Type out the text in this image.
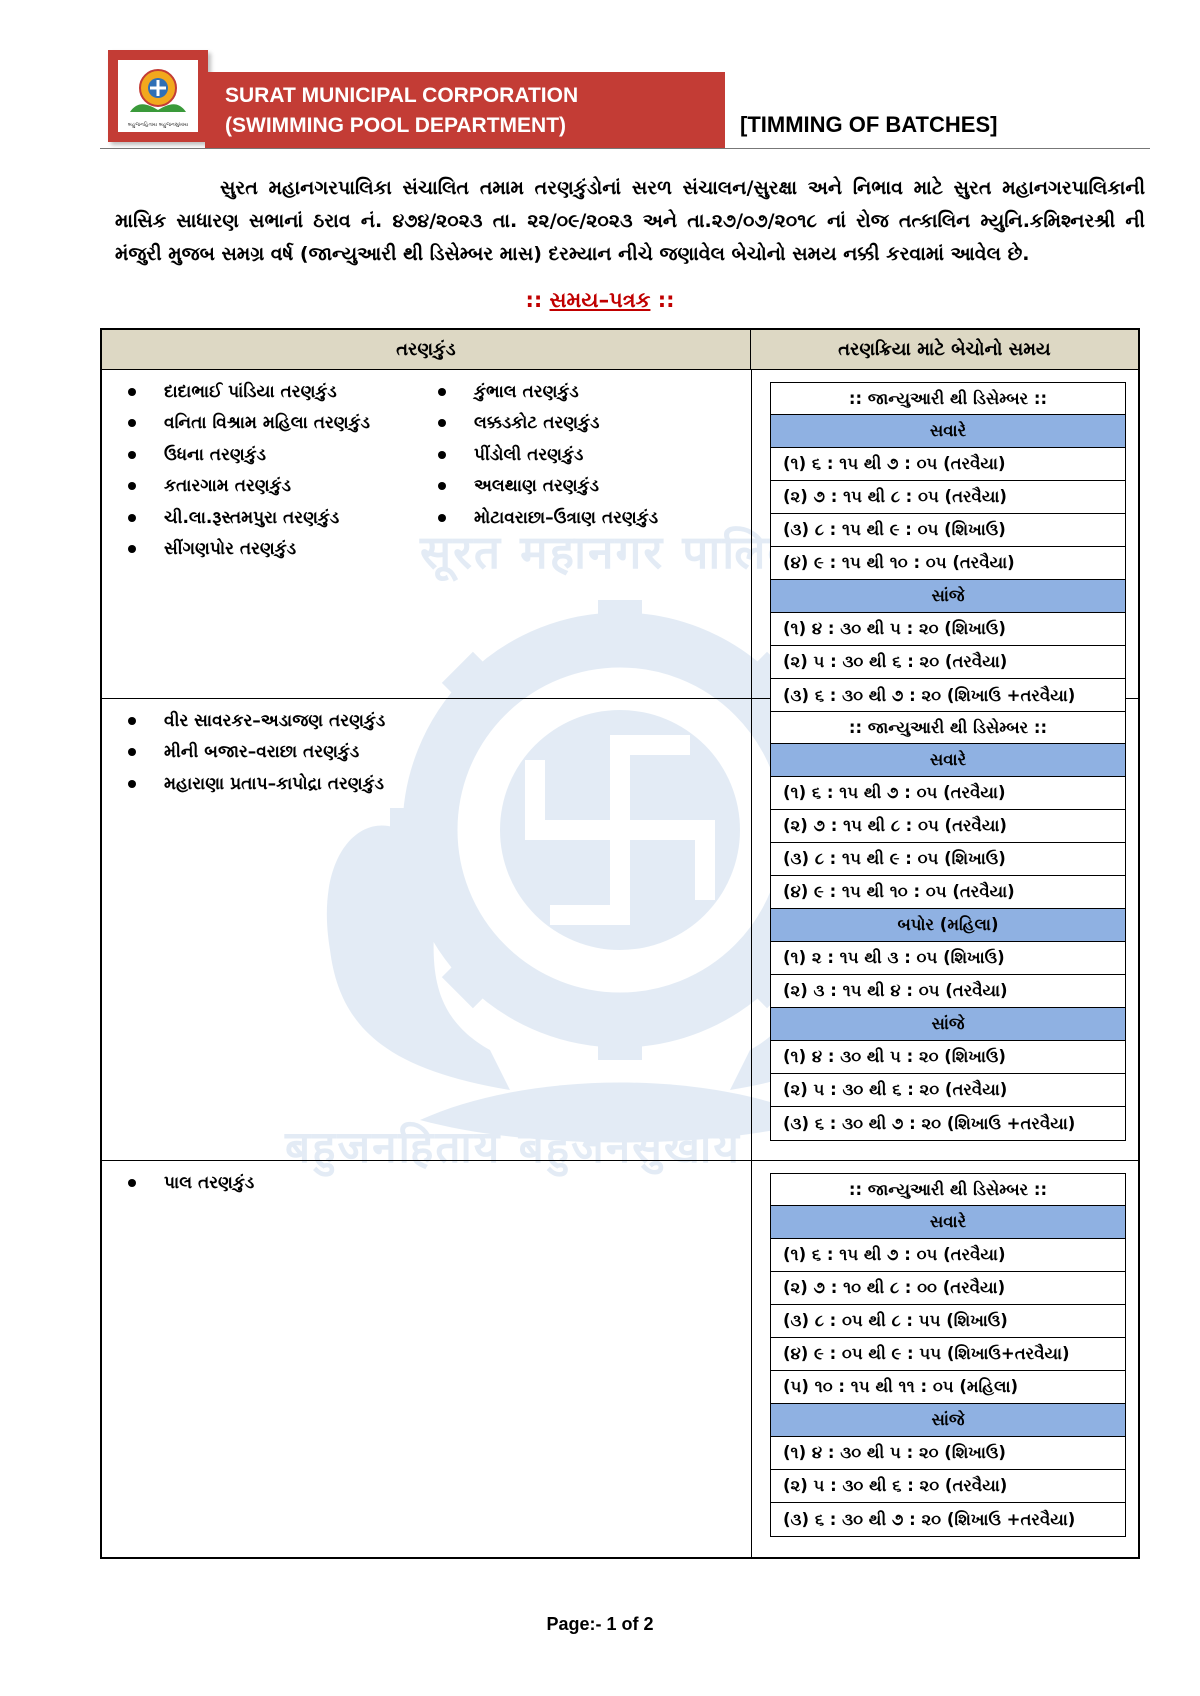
सूरत महानगर पालिका
बहुजनहिताय बहुजनसुखाय
બહુજનહિતાય બહુજનસુખાય
SURAT MUNICIPAL CORPORATION
(SWIMMING POOL DEPARTMENT)	[TIMMING OF BATCHES]
સુરત મહાનગરપાલિકા સંચાલિત તમામ તરણકુંડોનાં સરળ સંચાલન/સુરક્ષા અને નિભાવ માટે સુરત મહાનગરપાલિકાની માસિક સાધારણ સભાનાં ઠરાવ નં. ૪૭૪/૨૦૨૩ તા. ૨૨/૦૯/૨૦૨૩ અને તા.૨૭/૦૭/૨૦૧૮ નાં રોજ તત્કાલિન મ્યુનિ.કમિશ્નરશ્રી ની મંજુરી મુજબ સમગ્ર વર્ષ (જાન્યુઆરી થી ડિસેમ્બર માસ) દરમ્યાન નીચે જણાવેલ બેચોનો સમય નક્કી કરવામાં આવેલ છે.
:: સમય–પત્રક ::
તરણકુંડ	તરણક્રિયા માટે બેચોનો સમય
દાદાભાઈ પાંડિયા તરણકુંડ	કુંભાલ તરણકુંડ
વનિતા વિશ્રામ મહિલા તરણકુંડ	લક્કડકોટ તરણકુંડ
ઉધના તરણકુંડ	પીંડોલી તરણકુંડ
કતારગામ તરણકુંડ	અલથાણ તરણકુંડ
ચી.લા.રૂસ્તમપુરા તરણકુંડ	મોટાવરાછા–ઉત્રાણ તરણકુંડ
સીંગણપોર તરણકુંડ
:: જાન્યુઆરી થી ડિસેમ્બર ::
સવારે
(૧) ૬ : ૧૫ થી ૭ : ૦૫ (તરવૈયા)
(૨) ૭ : ૧૫ થી ૮ : ૦૫ (તરવૈયા)
(૩) ૮ : ૧૫ થી ૯ : ૦૫ (શિખાઉ)
(૪) ૯ : ૧૫ થી ૧૦ : ૦૫ (તરવૈયા)
સાંજે
(૧) ૪ : ૩૦ થી ૫ : ૨૦ (શિખાઉ)
(૨) ૫ : ૩૦ થી ૬ : ૨૦ (તરવૈયા)
(૩) ૬ : ૩૦ થી ૭ : ૨૦ (શિખાઉ +તરવૈયા)
વીર સાવરકર–અડાજણ તરણકુંડ
મીની બજાર–વરાછા તરણકુંડ
મહારાણા પ્રતાપ–કાપોદ્રા તરણકુંડ
:: જાન્યુઆરી થી ડિસેમ્બર ::
સવારે
(૧) ૬ : ૧૫ થી ૭ : ૦૫ (તરવૈયા)
(૨) ૭ : ૧૫ થી ૮ : ૦૫ (તરવૈયા)
(૩) ૮ : ૧૫ થી ૯ : ૦૫ (શિખાઉ)
(૪) ૯ : ૧૫ થી ૧૦ : ૦૫ (તરવૈયા)
બપોર (મહિલા)
(૧) ૨ : ૧૫ થી ૩ : ૦૫ (શિખાઉ)
(૨) ૩ : ૧૫ થી ૪ : ૦૫ (તરવૈયા)
સાંજે
(૧) ૪ : ૩૦ થી ૫ : ૨૦ (શિખાઉ)
(૨) ૫ : ૩૦ થી ૬ : ૨૦ (તરવૈયા)
(૩) ૬ : ૩૦ થી ૭ : ૨૦ (શિખાઉ +તરવૈયા)
પાલ તરણકુંડ	:: જાન્યુઆરી થી ડિસેમ્બર ::
સવારે
(૧) ૬ : ૧૫ થી ૭ : ૦૫ (તરવૈયા)
(૨) ૭ : ૧૦ થી ૮ : ૦૦ (તરવૈયા)
(૩) ૮ : ૦૫ થી ૮ : ૫૫ (શિખાઉ)
(૪) ૯ : ૦૫ થી ૯ : ૫૫ (શિખાઉ+તરવૈયા)
(૫) ૧૦ : ૧૫ થી ૧૧ : ૦૫ (મહિલા)
સાંજે
(૧) ૪ : ૩૦ થી ૫ : ૨૦ (શિખાઉ)
(૨) ૫ : ૩૦ થી ૬ : ૨૦ (તરવૈયા)
(૩) ૬ : ૩૦ થી ૭ : ૨૦ (શિખાઉ +તરવૈયા)
Page:- 1 of 2
